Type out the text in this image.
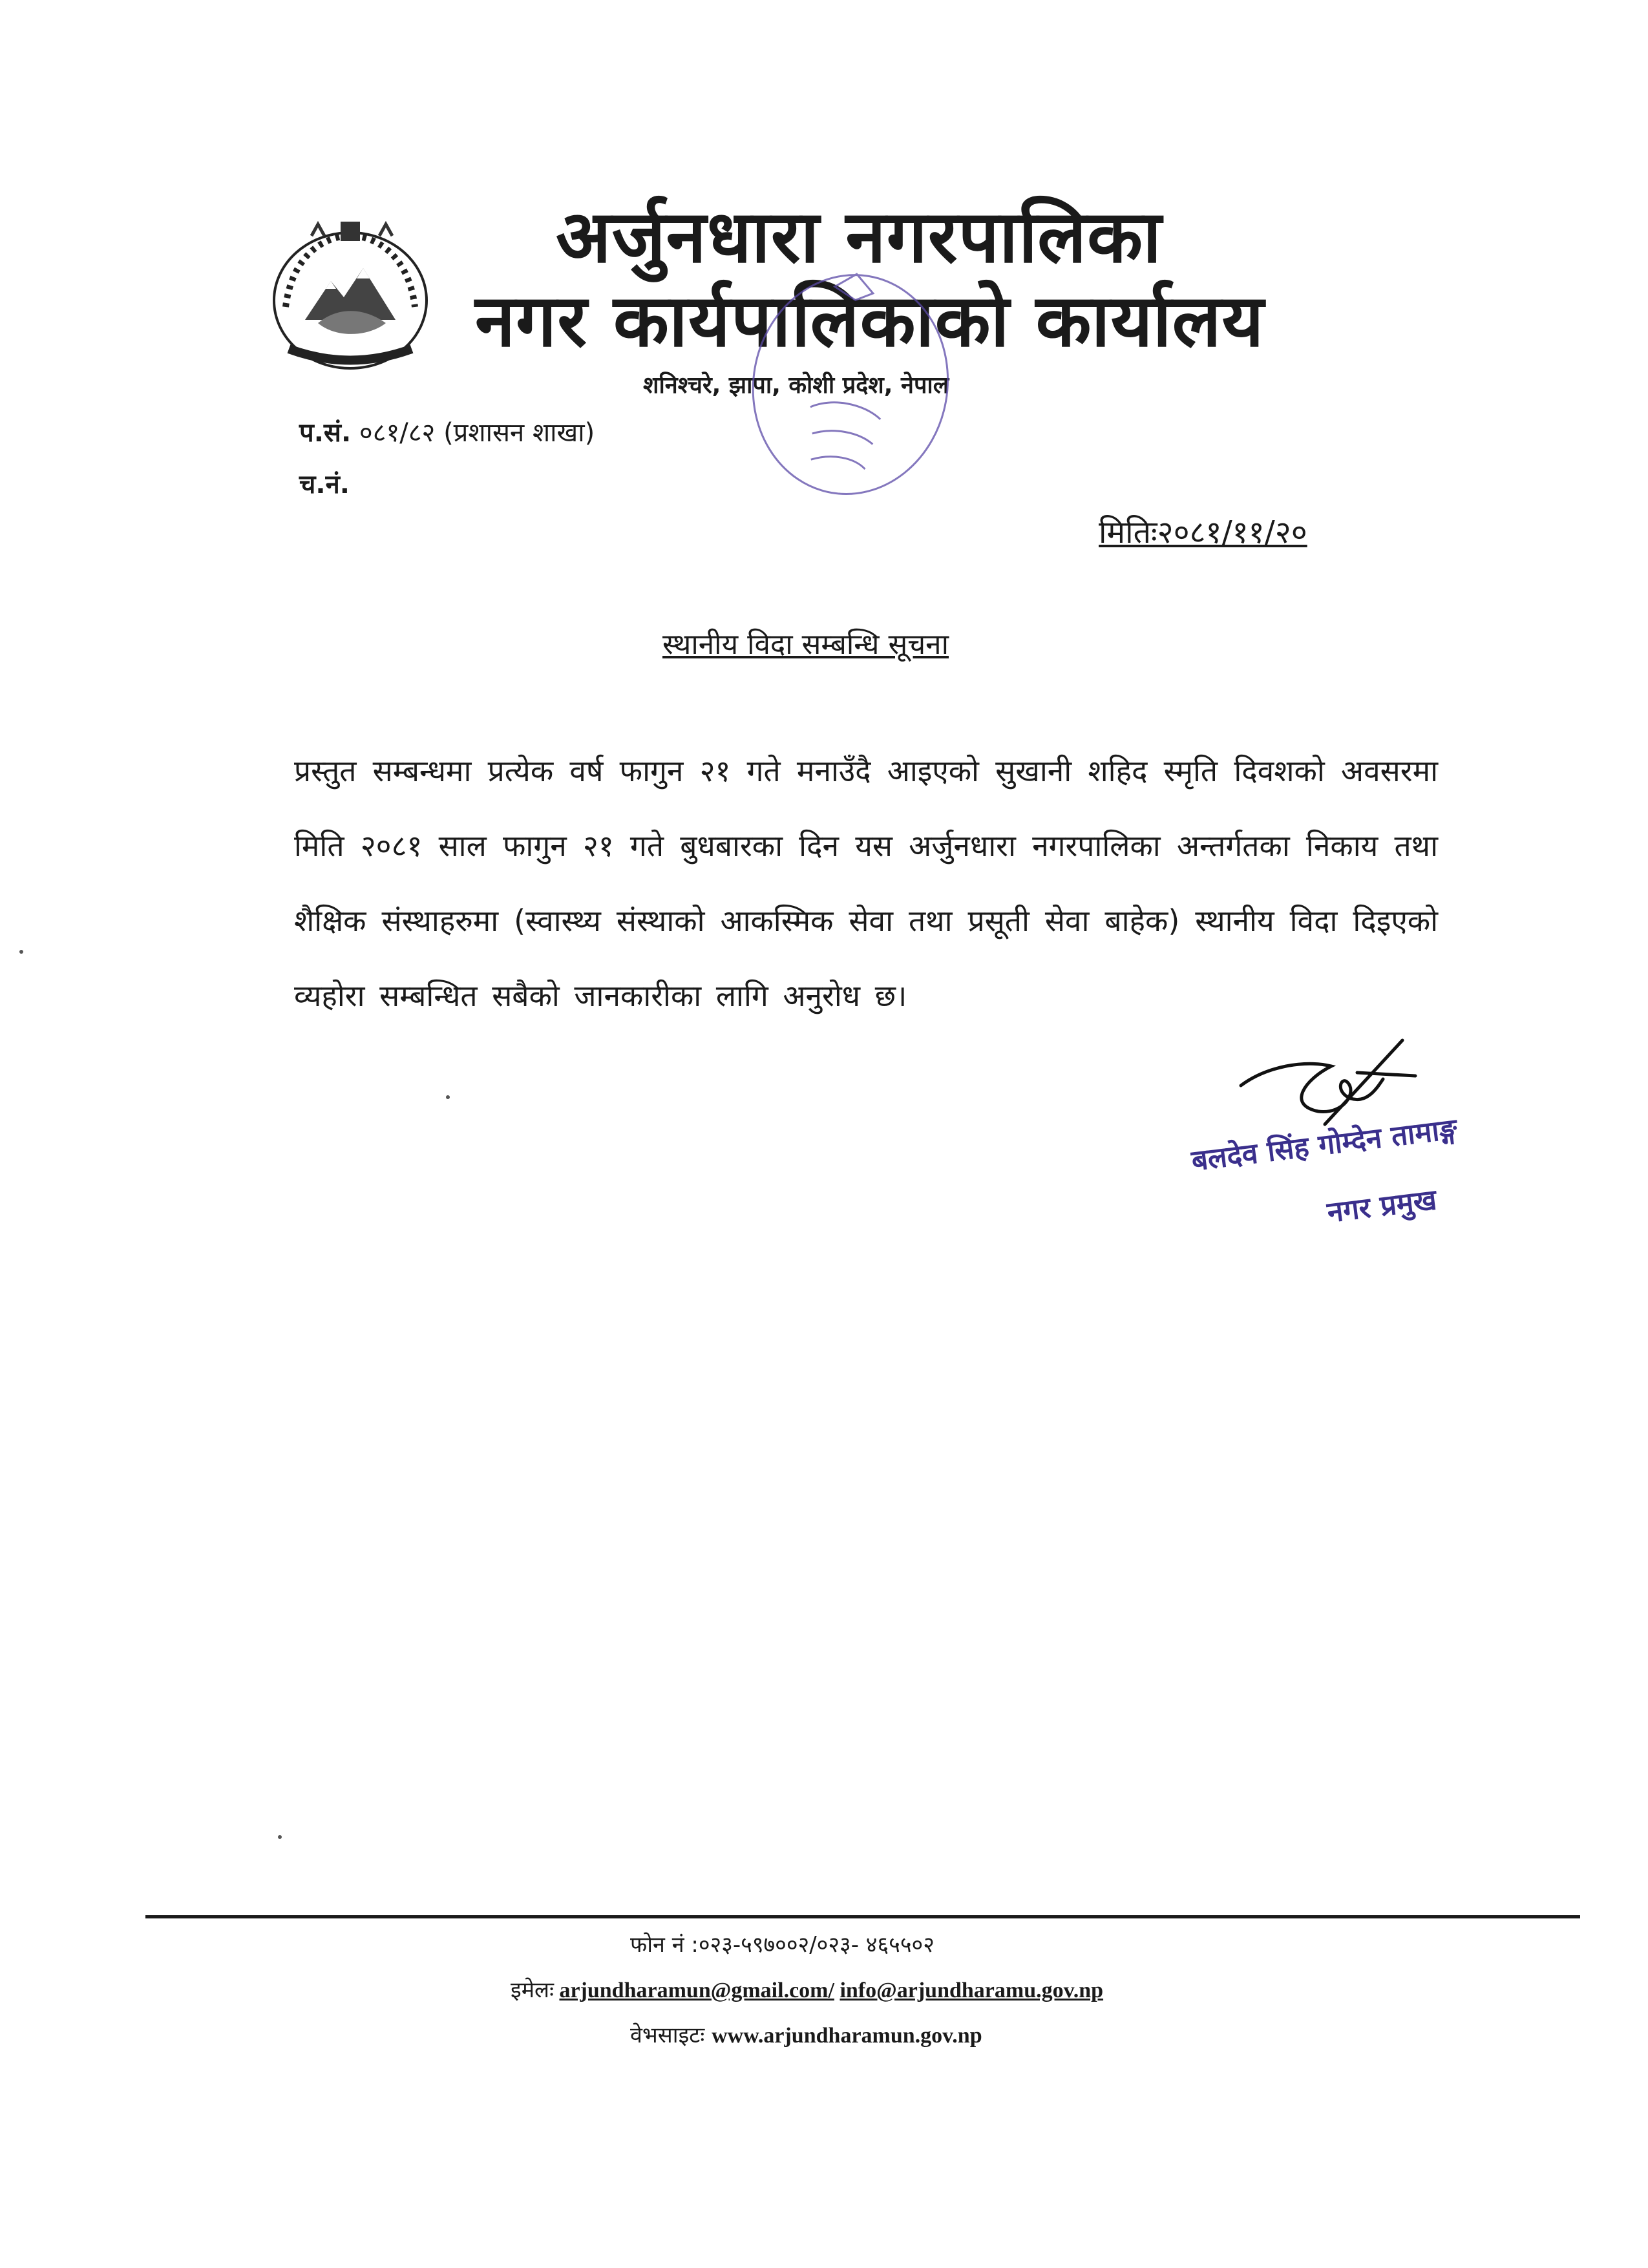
अर्जुनधारा नगरपालिका
नगर कार्यपालिकाको कार्यालय
शनिश्चरे, झापा, कोशी प्रदेश, नेपाल
प.सं. ०८१/८२ (प्रशासन शाखा)
च.नं.
मितिः२०८१/११/२०
स्थानीय विदा सम्बन्धि सूचना
प्रस्तुत सम्बन्धमा प्रत्येक वर्ष फागुन २१ गते मनाउँदै आइएको सुखानी शहिद स्मृति दिवशको अवसरमा मिति २०८१ साल फागुन २१ गते बुधबारका दिन यस अर्जुनधारा नगरपालिका अन्तर्गतका निकाय तथा शैक्षिक संस्थाहरुमा (स्वास्थ्य संस्थाको आकस्मिक सेवा तथा प्रसूती सेवा बाहेक) स्थानीय विदा दिइएको व्यहोरा सम्बन्धित सबैको जानकारीका लागि अनुरोध छ।
बलदेव सिंह गोम्देन तामाङ्ग
नगर प्रमुख
फोन नं :०२३-५९७००२/०२३- ४६५५०२
इमेलः arjundharamun@gmail.com/ info@arjundharamu.gov.np
वेभसाइटः www.arjundharamun.gov.np
